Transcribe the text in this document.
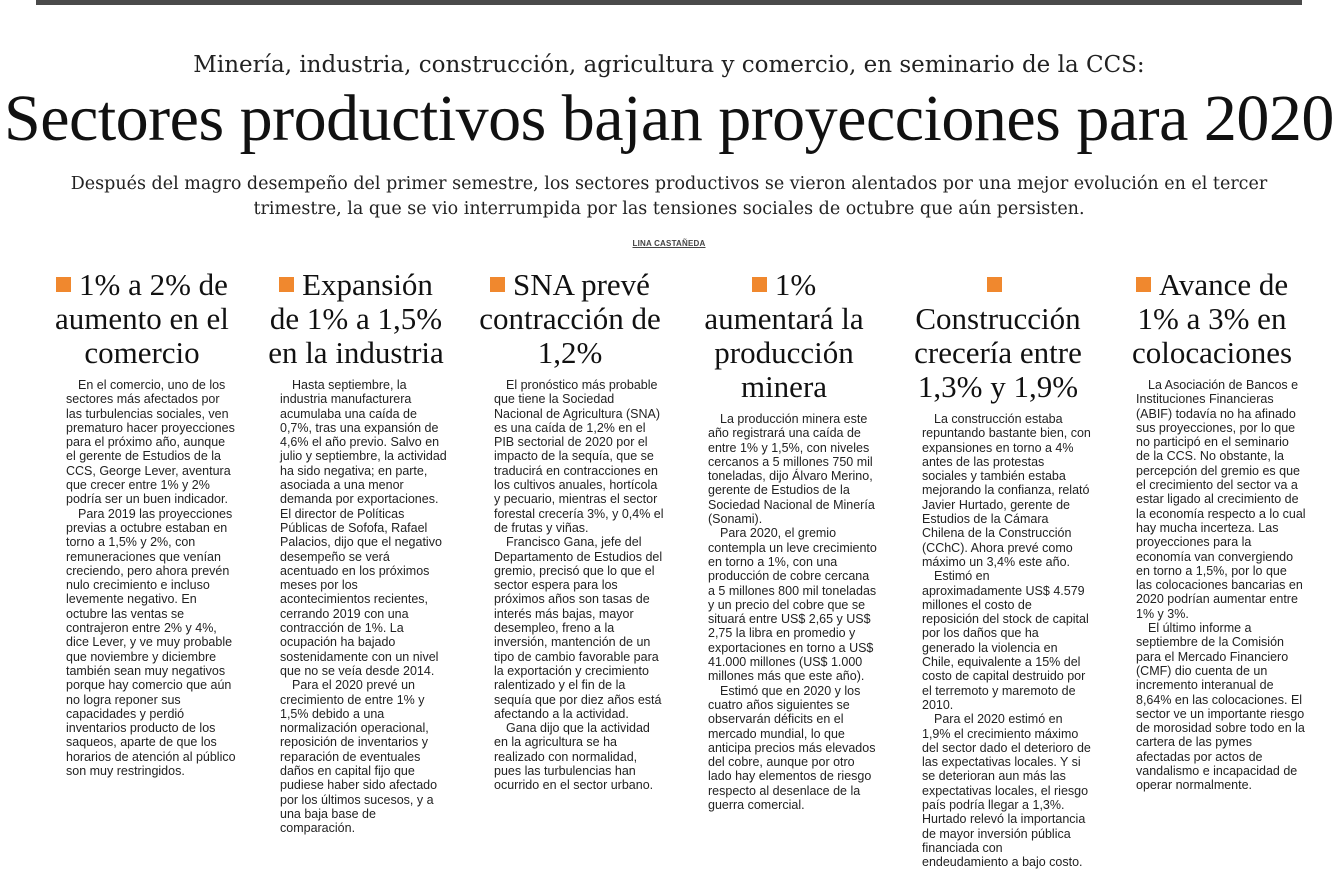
Minería, industria, construcción, agricultura y comercio, en seminario de la CCS:
Sectores productivos bajan proyecciones para 2020
Después del magro desempeño del primer semestre, los sectores productivos se vieron alentados por una mejor evolución en el tercer trimestre, la que se vio interrumpida por las tensiones sociales de octubre que aún persisten.
LINA CASTAÑEDA
1% a 2% de aumento en el comercio

En el comercio, uno de los sectores más afectados por las turbulencias sociales, ven prematuro hacer proyecciones para el próximo año, aunque el gerente de Estudios de la CCS, George Lever, aventura que crecer entre 1% y 2% podría ser un buen indicador.

Para 2019 las proyecciones previas a octubre estaban en torno a 1,5% y 2%, con remuneraciones que venían creciendo, pero ahora prevén nulo crecimiento e incluso levemente negativo. En octubre las ventas se contrajeron entre 2% y 4%, dice Lever, y ve muy probable que noviembre y diciembre también sean muy negativos porque hay comercio que aún no logra reponer sus capacidades y perdió inventarios producto de los saqueos, aparte de que los horarios de atención al público son muy restringidos.

Expansión de 1% a 1,5% en la industria

Hasta septiembre, la industria manufacturera acumulaba una caída de 0,7%, tras una expansión de 4,6% el año previo. Salvo en julio y septiembre, la actividad ha sido negativa; en parte, asociada a una menor demanda por exportaciones. El director de Políticas Públicas de Sofofa, Rafael Palacios, dijo que el negativo desempeño se verá acentuado en los próximos meses por los acontecimientos recientes, cerrando 2019 con una contracción de 1%. La ocupación ha bajado sostenidamente con un nivel que no se veía desde 2014.

Para el 2020 prevé un crecimiento de entre 1% y 1,5% debido a una normalización operacional, reposición de inventarios y reparación de eventuales daños en capital fijo que pudiese haber sido afectado por los últimos sucesos, y a una baja base de comparación.

SNA prevé contracción de 1,2%

El pronóstico más probable que tiene la Sociedad Nacional de Agricultura (SNA) es una caída de 1,2% en el PIB sectorial de 2020 por el impacto de la sequía, que se traducirá en contracciones en los cultivos anuales, hortícola y pecuario, mientras el sector forestal crecería 3%, y 0,4% el de frutas y viñas.

Francisco Gana, jefe del Departamento de Estudios del gremio, precisó que lo que el sector espera para los próximos años son tasas de interés más bajas, mayor desempleo, freno a la inversión, mantención de un tipo de cambio favorable para la exportación y crecimiento ralentizado y el fin de la sequía que por diez años está afectando a la actividad.

Gana dijo que la actividad en la agricultura se ha realizado con normalidad, pues las turbulencias han ocurrido en el sector urbano.

1% aumentará la producción minera

La producción minera este año registrará una caída de entre 1% y 1,5%, con niveles cercanos a 5 millones 750 mil toneladas, dijo Álvaro Merino, gerente de Estudios de la Sociedad Nacional de Minería (Sonami).

Para 2020, el gremio contempla un leve crecimiento en torno a 1%, con una producción de cobre cercana a 5 millones 800 mil toneladas y un precio del cobre que se situará entre US$ 2,65 y US$ 2,75 la libra en promedio y exportaciones en torno a US$ 41.000 millones (US$ 1.000 millones más que este año).

Estimó que en 2020 y los cuatro años siguientes se observarán déficits en el mercado mundial, lo que anticipa precios más elevados del cobre, aunque por otro lado hay elementos de riesgo respecto al desenlace de la guerra comercial.

Construcción crecería entre 1,3% y 1,9%

La construcción estaba repuntando bastante bien, con expansiones en torno a 4% antes de las protestas sociales y también estaba mejorando la confianza, relató Javier Hurtado, gerente de Estudios de la Cámara Chilena de la Construcción (CChC). Ahora prevé como máximo un 3,4% este año.

Estimó en aproximadamente US$ 4.579 millones el costo de reposición del stock de capital por los daños que ha generado la violencia en Chile, equivalente a 15% del costo de capital destruido por el terremoto y maremoto de 2010.

Para el 2020 estimó en 1,9% el crecimiento máximo del sector dado el deterioro de las expectativas locales. Y si se deterioran aun más las expectativas locales, el riesgo país podría llegar a 1,3%. Hurtado relevó la importancia de mayor inversión pública financiada con endeudamiento a bajo costo.

Avance de 1% a 3% en colocaciones

La Asociación de Bancos e Instituciones Financieras (ABIF) todavía no ha afinado sus proyecciones, por lo que no participó en el seminario de la CCS. No obstante, la percepción del gremio es que el crecimiento del sector va a estar ligado al crecimiento de la economía respecto a lo cual hay mucha incerteza. Las proyecciones para la economía van convergiendo en torno a 1,5%, por lo que las colocaciones bancarias en 2020 podrían aumentar entre 1% y 3%.

El último informe a septiembre de la Comisión para el Mercado Financiero (CMF) dio cuenta de un incremento interanual de 8,64% en las colocaciones. El sector ve un importante riesgo de morosidad sobre todo en la cartera de las pymes afectadas por actos de vandalismo e incapacidad de operar normalmente.
